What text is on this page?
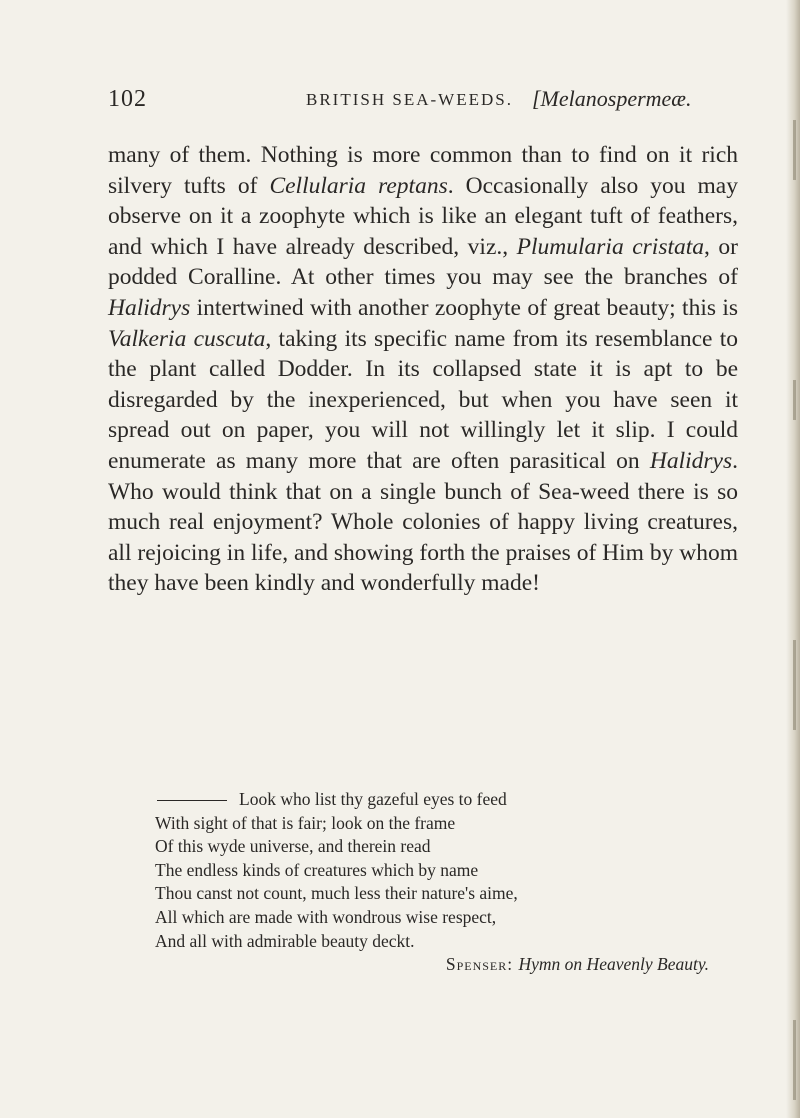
102	BRITISH SEA-WEEDS. [Melanospermeæ.

many of them. Nothing is more common than to find on it rich silvery tufts of Cellularia reptans. Occasionally also you may observe on it a zoophyte which is like an elegant tuft of feathers, and which I have already described, viz., Plumularia cristata, or podded Coralline. At other times you may see the branches of Halidrys intertwined with another zoophyte of great beauty; this is Valkeria cuscuta, taking its specific name from its resemblance to the plant called Dodder. In its collapsed state it is apt to be disregarded by the inexperienced, but when you have seen it spread out on paper, you will not willingly let it slip. I could enumerate as many more that are often parasitical on Halidrys. Who would think that on a single bunch of Sea-weed there is so much real enjoyment? Whole colonies of happy living creatures, all rejoicing in life, and showing forth the praises of Him by whom they have been kindly and wonderfully made!

Look who list thy gazeful eyes to feed
With sight of that is fair; look on the frame
Of this wyde universe, and therein read
The endless kinds of creatures which by name
Thou canst not count, much less their nature's aime,
All which are made with wondrous wise respect,
And all with admirable beauty deckt.
Spenser: Hymn on Heavenly Beauty.
